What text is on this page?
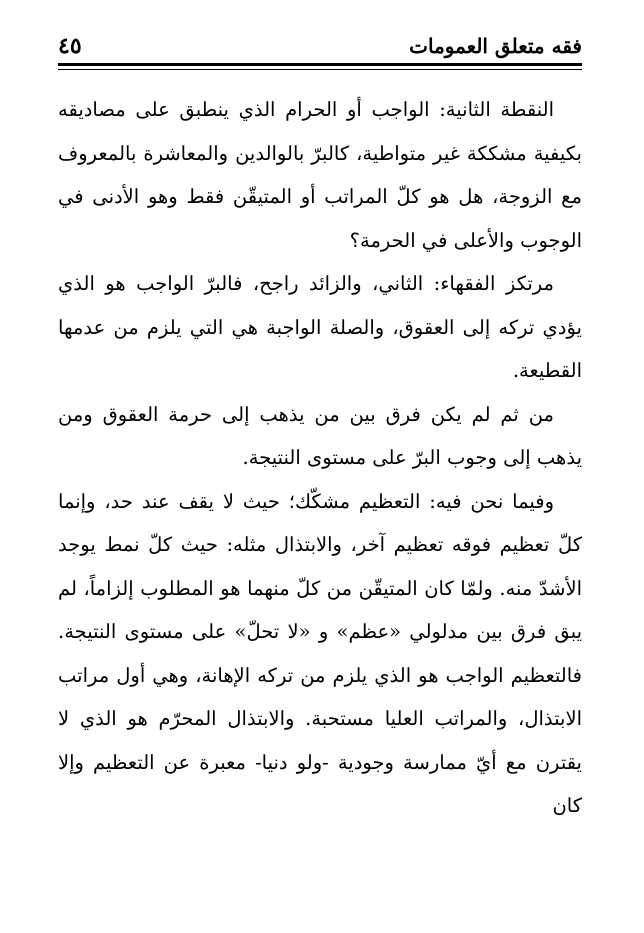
فقه متعلق العمومات
٤٥

النقطة الثانية: الواجب أو الحرام الذي ينطبق على مصاديقه بكيفية مشككة غير متواطية، كالبرّ بالوالدين والمعاشرة بالمعروف مع الزوجة، هل هو كلّ المراتب أو المتيقّن فقط وهو الأدنى في الوجوب والأعلى في الحرمة؟

مرتكز الفقهاء: الثاني، والزائد راجح، فالبرّ الواجب هو الذي يؤدي تركه إلى العقوق، والصلة الواجبة هي التي يلزم من عدمها القطيعة.

من ثم لم يكن فرق بين من يذهب إلى حرمة العقوق ومن يذهب إلى وجوب البرّ على مستوى النتيجة.

وفيما نحن فيه: التعظيم مشكّك؛ حيث لا يقف عند حد، وإنما كلّ تعظيم فوقه تعظيم آخر، والابتذال مثله: حيث كلّ نمط يوجد الأشدّ منه. ولمّا كان المتيقّن من كلّ منهما هو المطلوب إلزاماً، لم يبق فرق بين مدلولي «عظم» و «لا تحلّ» على مستوى النتيجة. فالتعظيم الواجب هو الذي يلزم من تركه الإهانة، وهي أول مراتب الابتذال، والمراتب العليا مستحبة. والابتذال المحرّم هو الذي لا يقترن مع أيّ ممارسة وجودية -ولو دنيا- معبرة عن التعظيم وإلا كان
